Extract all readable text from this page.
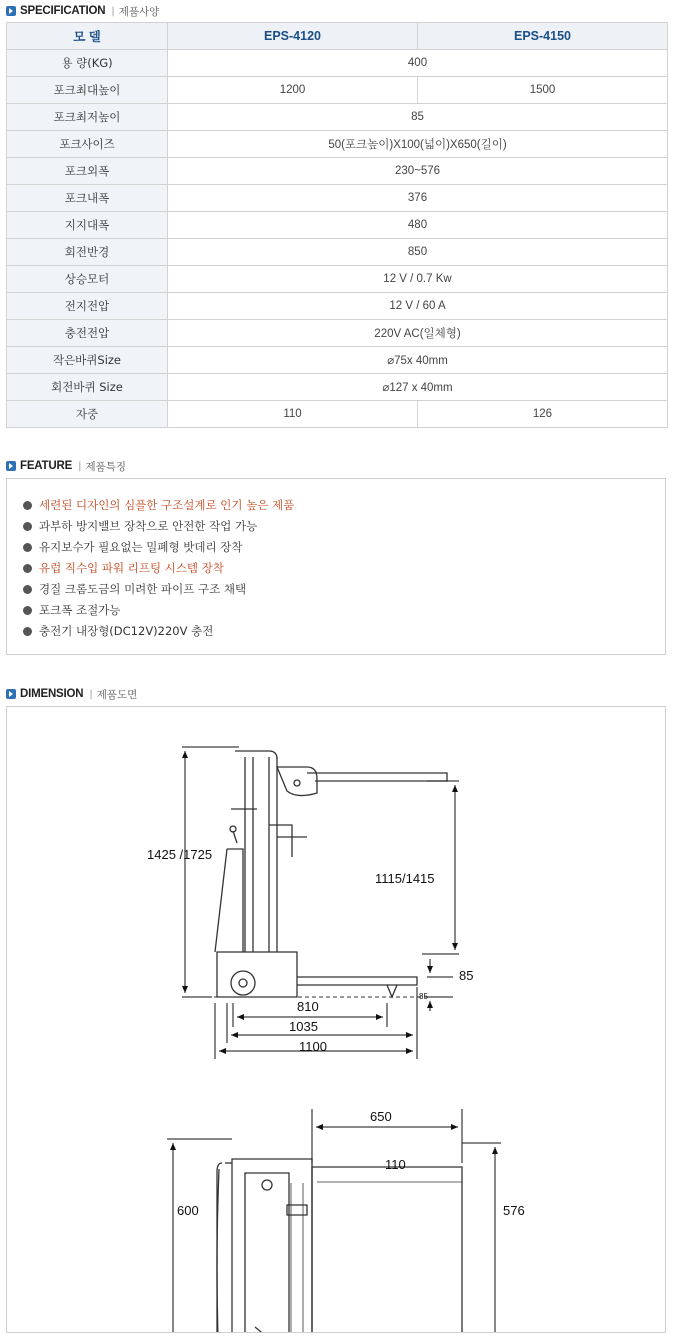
SPECIFICATION | 제품사양
모 델	EPS-4120	EPS-4150
용 량(KG)	400	
포크최대높이	1200	1500
포크최저높이	85	
포크사이즈	50(포크높이)X100(넓이)X650(길이)	
포크외폭	230~576	
포크내폭	376	
지지대폭	480	
회전반경	850	
상승모터	12 V / 0.7 Kw	
전지전압	12 V / 60 A	
충전전압	220V AC(일체형)	
작은바퀴Size	⌀75x 40mm	
회전바퀴 Size	⌀127 x 40mm	
자중	110	126
FEATURE | 제품특징
세련된 디자인의 심플한 구조설계로 인기 높은 제품
과부하 방지밸브 장착으로 안전한 작업 가능
유지보수가 필요없는 밀폐형 밧데리 장착
유럽 직수입 파워 리프팅 시스템 장착
경질 크롬도금의 미려한 파이프 구조 채택
포크폭 조절가능
충전기 내장형(DC12V)220V 충전
DIMENSION | 제품도면
1425 /1725
1115/1415
85
85
810
1035
1100
650
110
600	576
